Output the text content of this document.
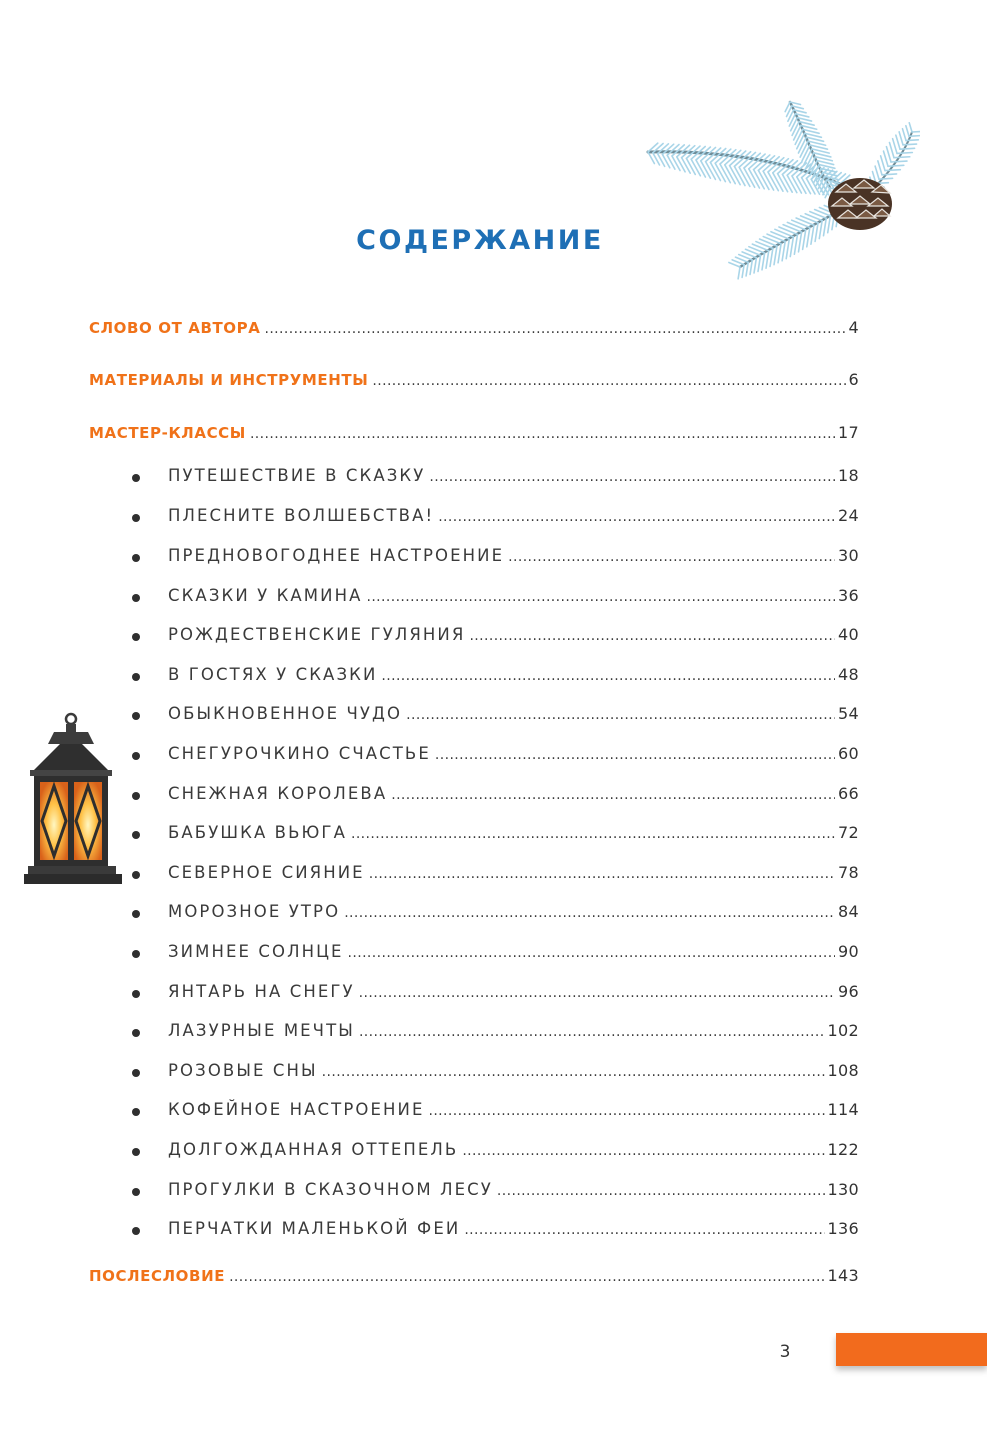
СОДЕРЖАНИЕ
СЛОВО ОТ АВТОРА .....	4
МАТЕРИАЛЫ И ИНСТРУМЕНТЫ .....	6
МАСТЕР-КЛАССЫ .....	17
ПУТЕШЕСТВИЕ В СКАЗКУ .....	18
ПЛЕСНИТЕ ВОЛШЕБСТВА! .....	24
ПРЕДНОВОГОДНЕЕ НАСТРОЕНИЕ .....	30
СКАЗКИ У КАМИНА .....	36
РОЖДЕСТВЕНСКИЕ ГУЛЯНИЯ .....	40
В ГОСТЯХ У СКАЗКИ .....	48
ОБЫКНОВЕННОЕ ЧУДО .....	54
СНЕГУРОЧКИНО СЧАСТЬЕ .....	60
СНЕЖНАЯ КОРОЛЕВА .....	66
БАБУШКА ВЬЮГА .....	72
СЕВЕРНОЕ СИЯНИЕ .....	78
МОРОЗНОЕ УТРО .....	84
ЗИМНЕЕ СОЛНЦЕ .....	90
ЯНТАРЬ НА СНЕГУ .....	96
ЛАЗУРНЫЕ МЕЧТЫ .....	102
РОЗОВЫЕ СНЫ .....	108
КОФЕЙНОЕ НАСТРОЕНИЕ .....	114
ДОЛГОЖДАННАЯ ОТТЕПЕЛЬ .....	122
ПРОГУЛКИ В СКАЗОЧНОМ ЛЕСУ .....	130
ПЕРЧАТКИ МАЛЕНЬКОЙ ФЕИ .....	136
ПОСЛЕСЛОВИЕ .....	143
3
